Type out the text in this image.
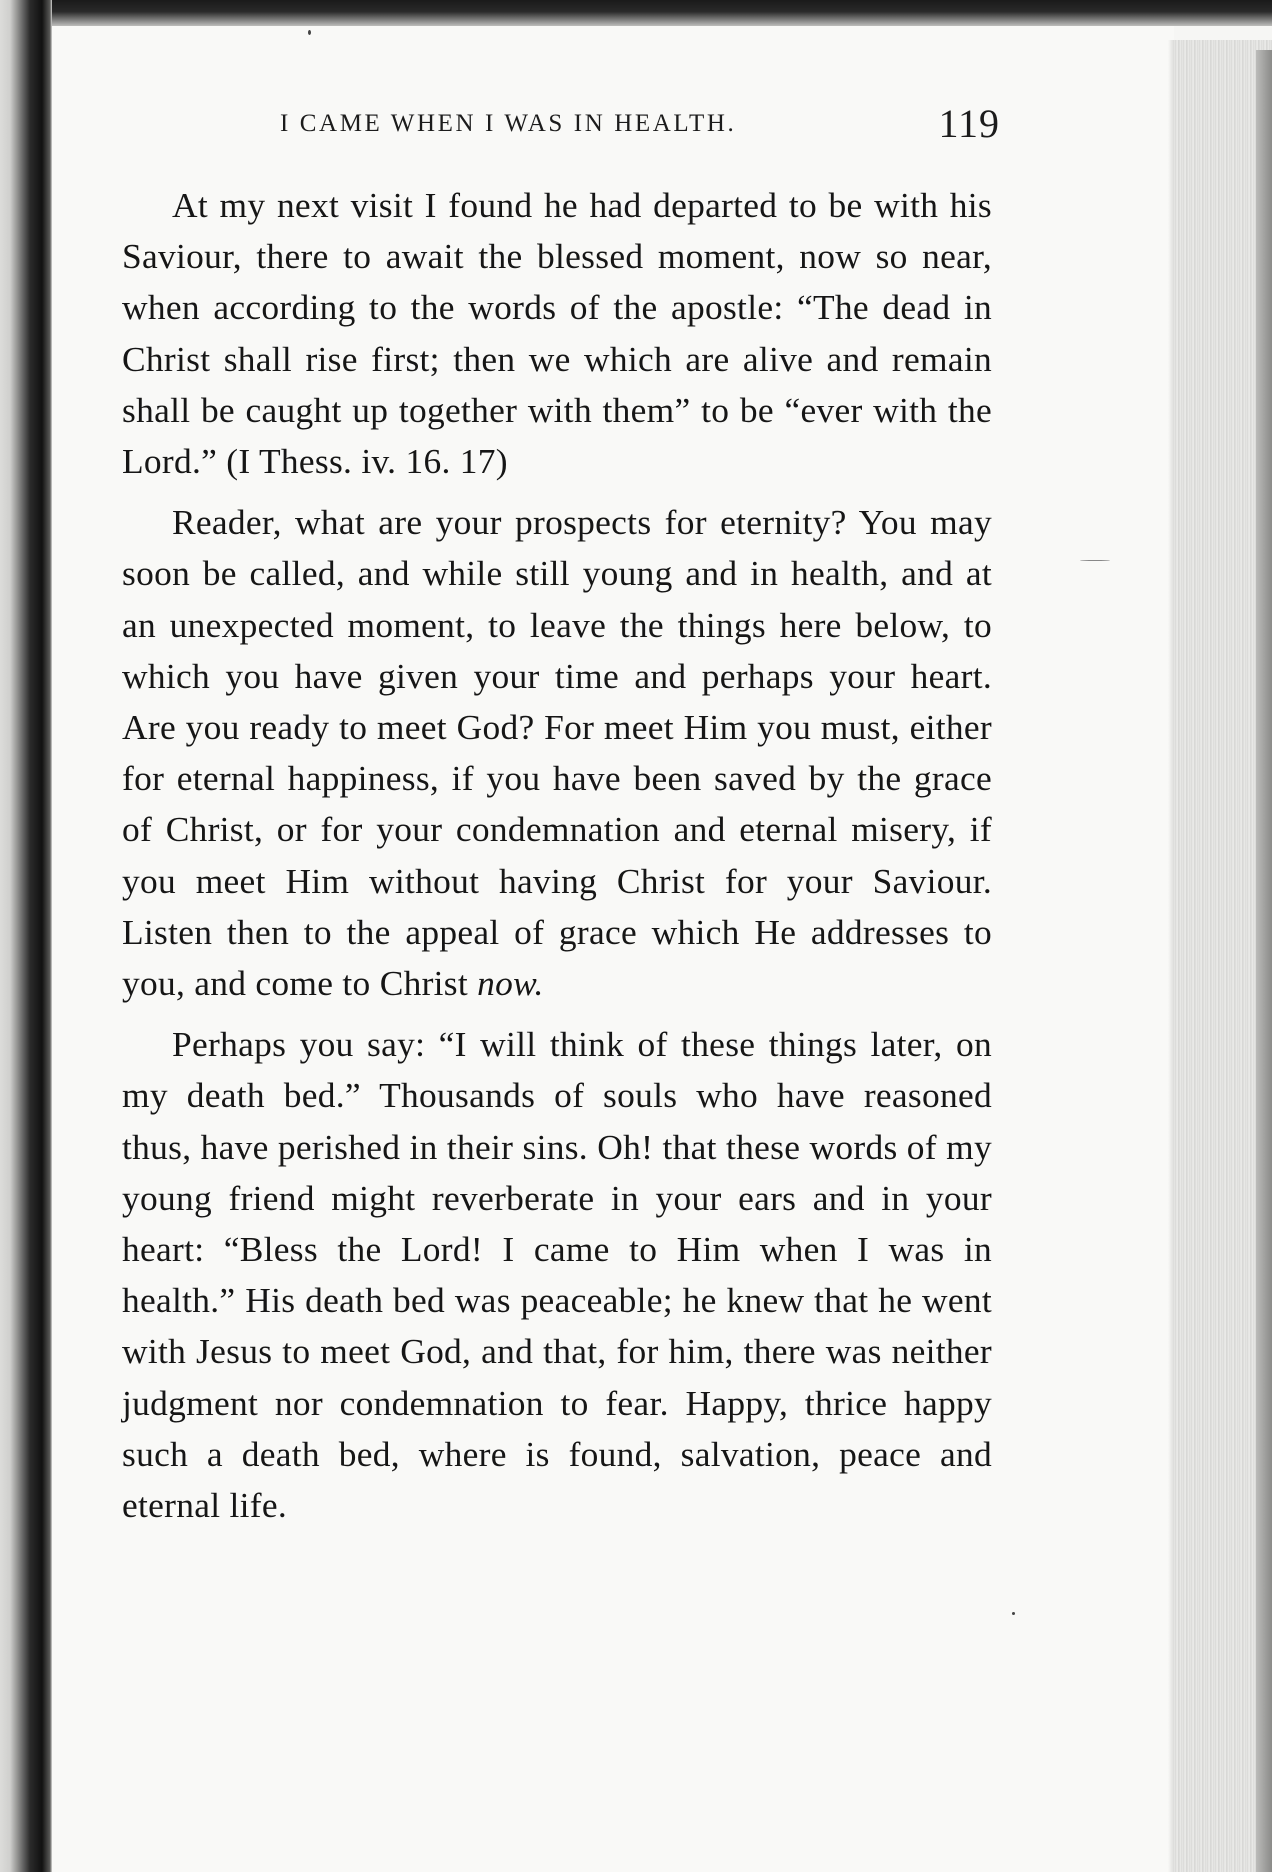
I CAME WHEN I WAS IN HEALTH.	119

At my next visit I found he had departed to be with his Saviour, there to await the blessed moment, now so near, when according to the words of the apostle: “The dead in Christ shall rise first; then we which are alive and remain shall be caught up together with them” to be “ever with the Lord.” (I Thess. iv. 16. 17)

Reader, what are your prospects for eternity? You may soon be called, and while still young and in health, and at an unexpected moment, to leave the things here below, to which you have given your time and perhaps your heart. Are you ready to meet God? For meet Him you must, either for eternal happiness, if you have been saved by the grace of Christ, or for your condemnation and eternal misery, if you meet Him without having Christ for your Saviour. Listen then to the appeal of grace which He addresses to you, and come to Christ now.

Perhaps you say: “I will think of these things later, on my death bed.” Thousands of souls who have reasoned thus, have perished in their sins. Oh! that these words of my young friend might reverberate in your ears and in your heart: “Bless the Lord! I came to Him when I was in health.” His death bed was peaceable; he knew that he went with Jesus to meet God, and that, for him, there was neither judgment nor condemnation to fear. Happy, thrice happy such a death bed, where is found, salvation, peace and eternal life.
